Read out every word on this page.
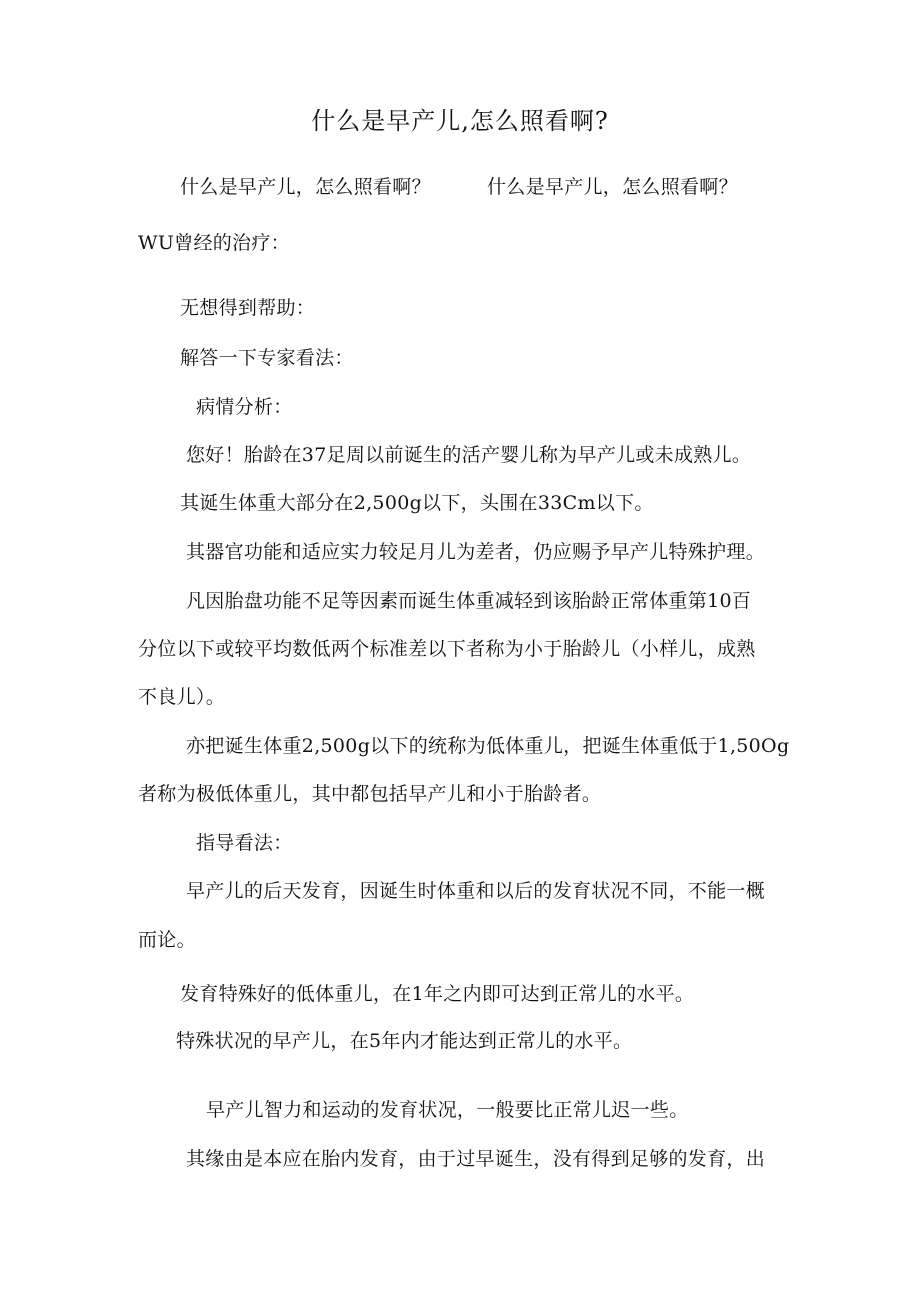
什么是早产儿,怎么照看啊?
什么是早产儿，怎么照看啊？	什么是早产儿，怎么照看啊？
WU曾经的治疗：
无想得到帮助：
解答一下专家看法：
病情分析：
您好！胎龄在37足周以前诞生的活产婴儿称为早产儿或未成熟儿。
其诞生体重大部分在2,500g以下，头围在33Cm以下。
其器官功能和适应实力较足月儿为差者，仍应赐予早产儿特殊护理。
凡因胎盘功能不足等因素而诞生体重减轻到该胎龄正常体重第10百
分位以下或较平均数低两个标准差以下者称为小于胎龄儿（小样儿，成熟
不良儿）。
亦把诞生体重2,500g以下的统称为低体重儿，把诞生体重低于1,50Og
者称为极低体重儿，其中都包括早产儿和小于胎龄者。
指导看法：
早产儿的后天发育，因诞生时体重和以后的发育状况不同，不能一概
而论。
发育特殊好的低体重儿，在1年之内即可达到正常儿的水平。
特殊状况的早产儿，在5年内才能达到正常儿的水平。
早产儿智力和运动的发育状况，一般要比正常儿迟一些。
其缘由是本应在胎内发育，由于过早诞生，没有得到足够的发育，出
